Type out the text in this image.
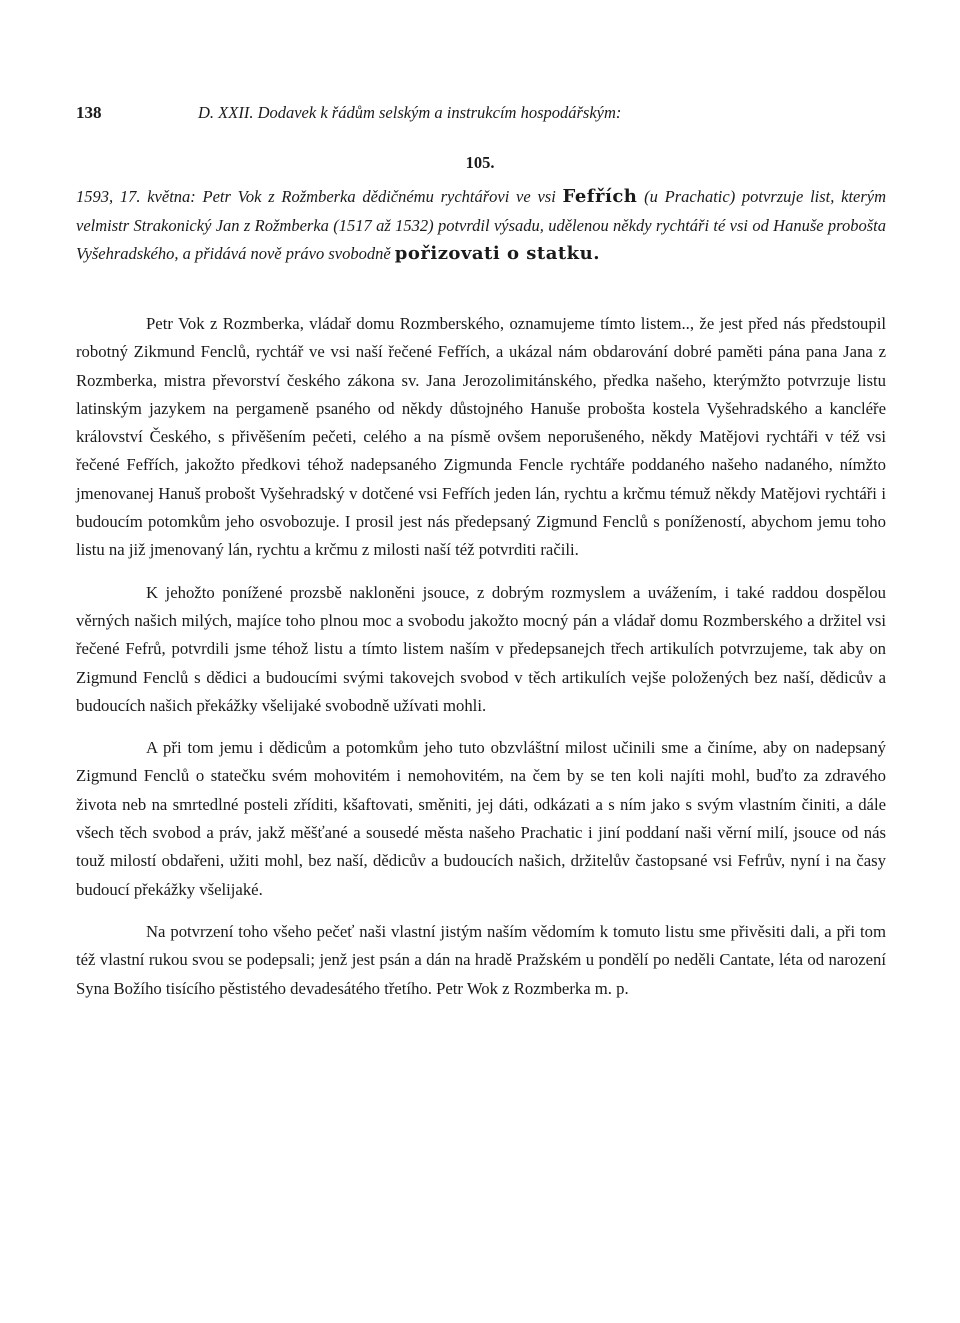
138	D. XXII. Dodavek k řádům selským a instrukcím hospodářským:
105.
1593, 17. května: Petr Vok z Rožmberka dědičnému rychtářovi ve vsi Fefřích (u Prachatic) potvrzuje list, kterým velmistr Strakonický Jan z Rožmberka (1517 až 1532) potvrdil výsadu, udělenou někdy rychtáři té vsi od Hanuše probošta Vyšehradského, a přidává nově právo svobodně pořizovati o statku.

Petr Vok z Rozmberka, vládař domu Rozmberského, oznamujeme tímto listem.., že jest před nás předstoupil robotný Zikmund Fenclů, rychtář ve vsi naší řečené Fefřích, a ukázal nám obdarování dobré paměti pána pana Jana z Rozmberka, mistra převorství českého zákona sv. Jana Jerozolimitánského, předka našeho, kterýmžto potvrzuje listu latinským jazykem na pergameně psaného od někdy důstojného Hanuše probošta kostela Vyšehradského a kancléře království Českého, s přivěšením pečeti, celého a na písmě ovšem neporušeného, někdy Matějovi rychtáři v též vsi řečené Fefřích, jakožto předkovi téhož nadepsaného Zigmunda Fencle rychtáře poddaného našeho nadaného, nímžto jmenovanej Hanuš probošt Vyšehradský v dotčené vsi Fefřích jeden lán, rychtu a krčmu témuž někdy Matějovi rychtáři i budoucím potomkům jeho osvobozuje. I prosil jest nás předepsaný Zigmund Fenclů s ponížeností, abychom jemu toho listu na již jmenovaný lán, rychtu a krčmu z milosti naší též potvrditi račili.

K jehožto ponížené prozsbě nakloněni jsouce, z dobrým rozmyslem a uvážením, i také raddou dospělou věrných našich milých, majíce toho plnou moc a svobodu jakožto mocný pán a vládař domu Rozmberského a držitel vsi řečené Fefrů, potvrdili jsme téhož listu a tímto listem naším v předepsanejch třech artikulích potvrzujeme, tak aby on Zigmund Fenclů s dědici a budoucími svými takovejch svobod v těch artikulích vejše položených bez naší, dědicův a budoucích našich překážky všelijaké svobodně užívati mohli.

A při tom jemu i dědicům a potomkům jeho tuto obzvláštní milost učinili sme a činíme, aby on nadepsaný Zigmund Fenclů o statečku svém mohovitém i nemohovitém, na čem by se ten koli najíti mohl, buďto za zdravého života neb na smrtedlné posteli zříditi, kšaftovati, směniti, jej dáti, odkázati a s ním jako s svým vlastním činiti, a dále všech těch svobod a práv, jakž měšťané a sousedé města našeho Prachatic i jiní poddaní naši věrní milí, jsouce od nás touž milostí obdařeni, užiti mohl, bez naší, dědicův a budoucích našich, držitelův častopsané vsi Fefrův, nyní i na časy budoucí překážky všelijaké.

Na potvrzení toho všeho pečeť naši vlastní jistým naším vědomím k tomuto listu sme přivěsiti dali, a při tom též vlastní rukou svou se podepsali; jenž jest psán a dán na hradě Pražském u pondělí po neděli Cantate, léta od narození Syna Božího tisícího pěstistého devadesátého třetího. Petr Wok z Rozmberka m. p.
